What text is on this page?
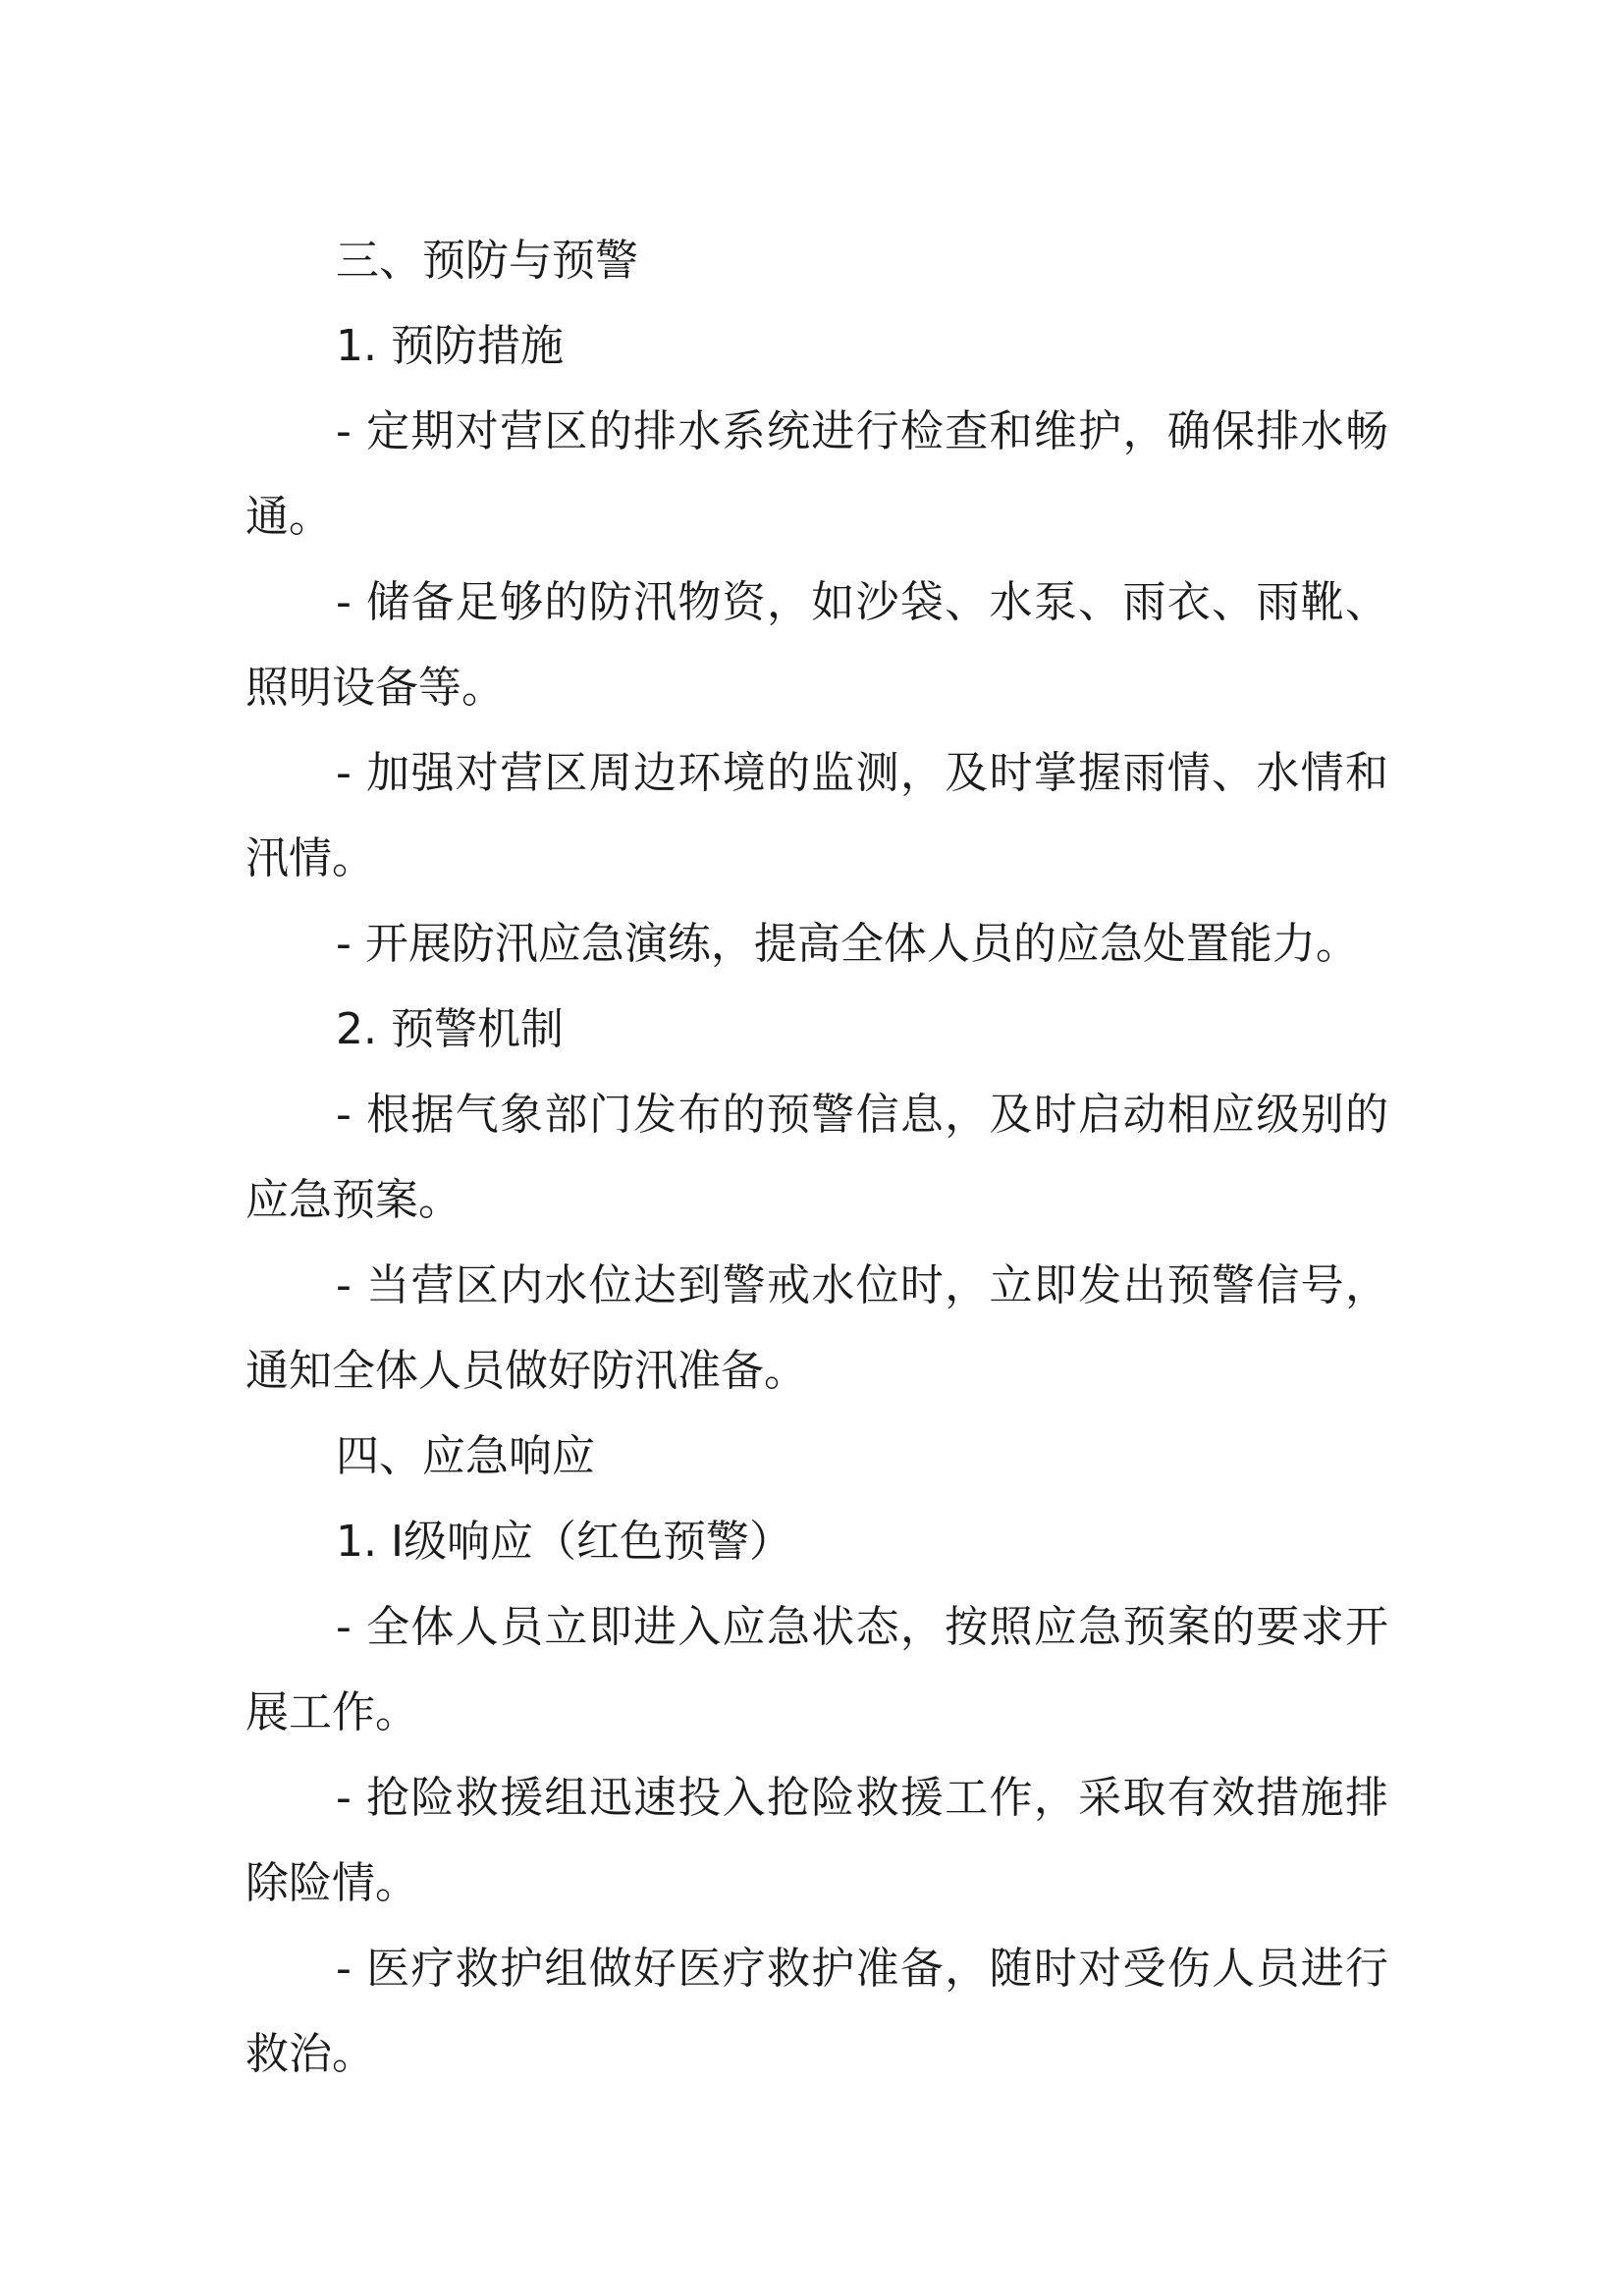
三、预防与预警

1. 预防措施

- 定期对营区的排水系统进行检查和维护，确保排水畅通。

- 储备足够的防汛物资，如沙袋、水泵、雨衣、雨靴、照明设备等。

- 加强对营区周边环境的监测，及时掌握雨情、水情和汛情。

- 开展防汛应急演练，提高全体人员的应急处置能力。

2. 预警机制

- 根据气象部门发布的预警信息，及时启动相应级别的应急预案。

- 当营区内水位达到警戒水位时，立即发出预警信号，通知全体人员做好防汛准备。

四、应急响应

1. Ⅰ级响应（红色预警）

- 全体人员立即进入应急状态，按照应急预案的要求开展工作。

- 抢险救援组迅速投入抢险救援工作，采取有效措施排除险情。

- 医疗救护组做好医疗救护准备，随时对受伤人员进行救治。
